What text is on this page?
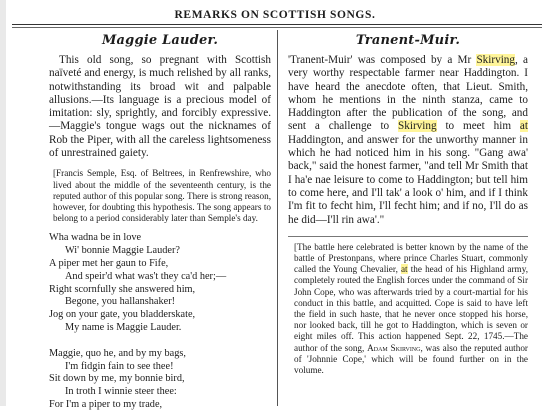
REMARKS ON SCOTTISH SONGS.
Maggie Lauder.

This old song, so pregnant with Scottish naïveté and energy, is much relished by all ranks, notwithstanding its broad wit and palpable allusions.—Its language is a precious model of imitation: sly, sprightly, and forcibly expressive.—Maggie's tongue wags out the nicknames of Rob the Piper, with all the careless lightsomeness of unrestrained gaiety.

[Francis Semple, Esq. of Beltrees, in Renfrewshire, who lived about the middle of the seventeenth century, is the reputed author of this popular song. There is strong reason, however, for doubting this hypothesis. The song appears to belong to a period considerably later than Semple's day.

Wha wadna be in love
Wi' bonnie Maggie Lauder?
A piper met her gaun to Fife,
And speir'd what was't they ca'd her;—
Right scornfully she answered him,
Begone, you hallanshaker!
Jog on your gate, you bladderskate,
My name is Maggie Lauder.
Maggie, quo he, and by my bags,
I'm fidgin fain to see thee!
Sit down by me, my bonnie bird,
In troth I winnie steer thee:
For I'm a piper to my trade,
Tranent-Muir.

'Tranent-Muir' was composed by a Mr Skirving, a very worthy respectable farmer near Haddington. I have heard the anecdote often, that Lieut. Smith, whom he mentions in the ninth stanza, came to Haddington after the publication of the song, and sent a challenge to Skirving to meet him at Haddington, and answer for the unworthy manner in which he had noticed him in his song. "Gang awa' back," said the honest farmer, "and tell Mr Smith that I ha'e nae leisure to come to Haddington; but tell him to come here, and I'll tak' a look o' him, and if I think I'm fit to fecht him, I'll fecht him; and if no, I'll do as he did—I'll rin awa'."

[The battle here celebrated is better known by the name of the battle of Prestonpans, where prince Charles Stuart, commonly called the Young Chevalier, at the head of his Highland army, completely routed the English forces under the command of Sir John Cope, who was afterwards tried by a court-martial for his conduct in this battle, and acquitted. Cope is said to have left the field in such haste, that he never once stopped his horse, nor looked back, till he got to Haddington, which is seven or eight miles off. This action happened Sept. 22, 1745.—The author of the song, Adam Skirving, was also the reputed author of 'Johnnie Cope,' which will be found further on in the volume.
